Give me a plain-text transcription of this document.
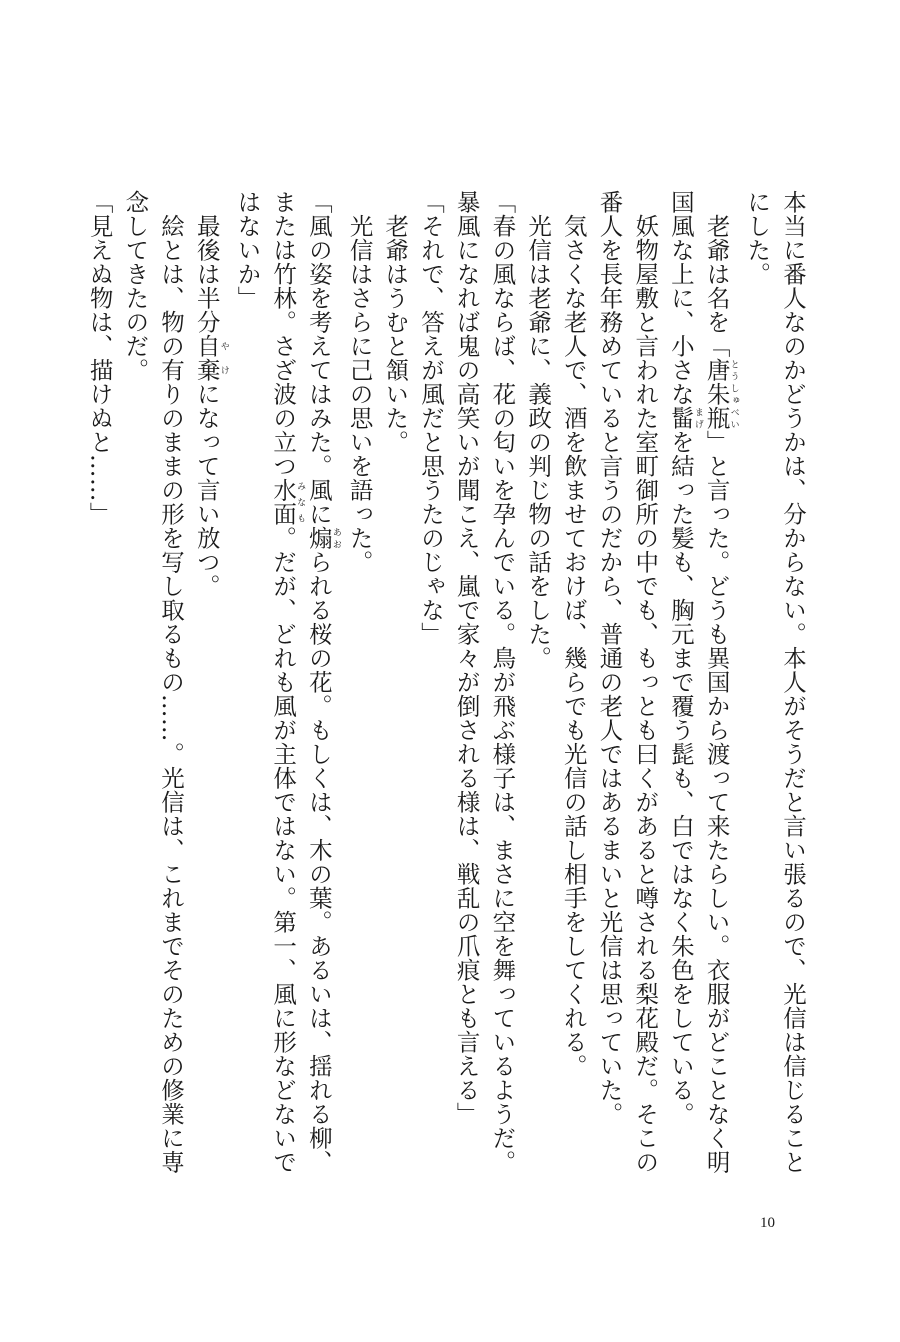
本当に番人なのかどうかは、分からない。本人がそうだと言い張るので、光信は信じることにした。

老爺は名を「唐朱瓶とうしゅべい」と言った。どうも異国から渡って来たらしい。衣服がどことなく明国風な上に、小さな髷まげを結った髪も、胸元まで覆う髭も、白ではなく朱色をしている。

妖物屋敷と言われた室町御所の中でも、もっとも曰くがあると噂される梨花殿だ。そこの番人を長年務めていると言うのだから、普通の老人ではあるまいと光信は思っていた。

気さくな老人で、酒を飲ませておけば、幾らでも光信の話し相手をしてくれる。

光信は老爺に、義政の判じ物の話をした。

「春の風ならば、花の匂いを孕んでいる。鳥が飛ぶ様子は、まさに空を舞っているようだ。暴風になれば鬼の高笑いが聞こえ、嵐で家々が倒される様は、戦乱の爪痕とも言える」

「それで、答えが風だと思うたのじゃな」

老爺はうむと頷いた。

光信はさらに己の思いを語った。

「風の姿を考えてはみた。風に煽あおられる桜の花。もしくは、木の葉。あるいは、揺れる柳、または竹林。さざ波の立つ水面みなも。だが、どれも風が主体ではない。第一、風に形などないではないか」

最後は半分自棄やけになって言い放つ。

絵とは、物の有りのままの形を写し取るもの……。光信は、これまでそのための修業に専念してきたのだ。

「見えぬ物は、描けぬと……」

10
